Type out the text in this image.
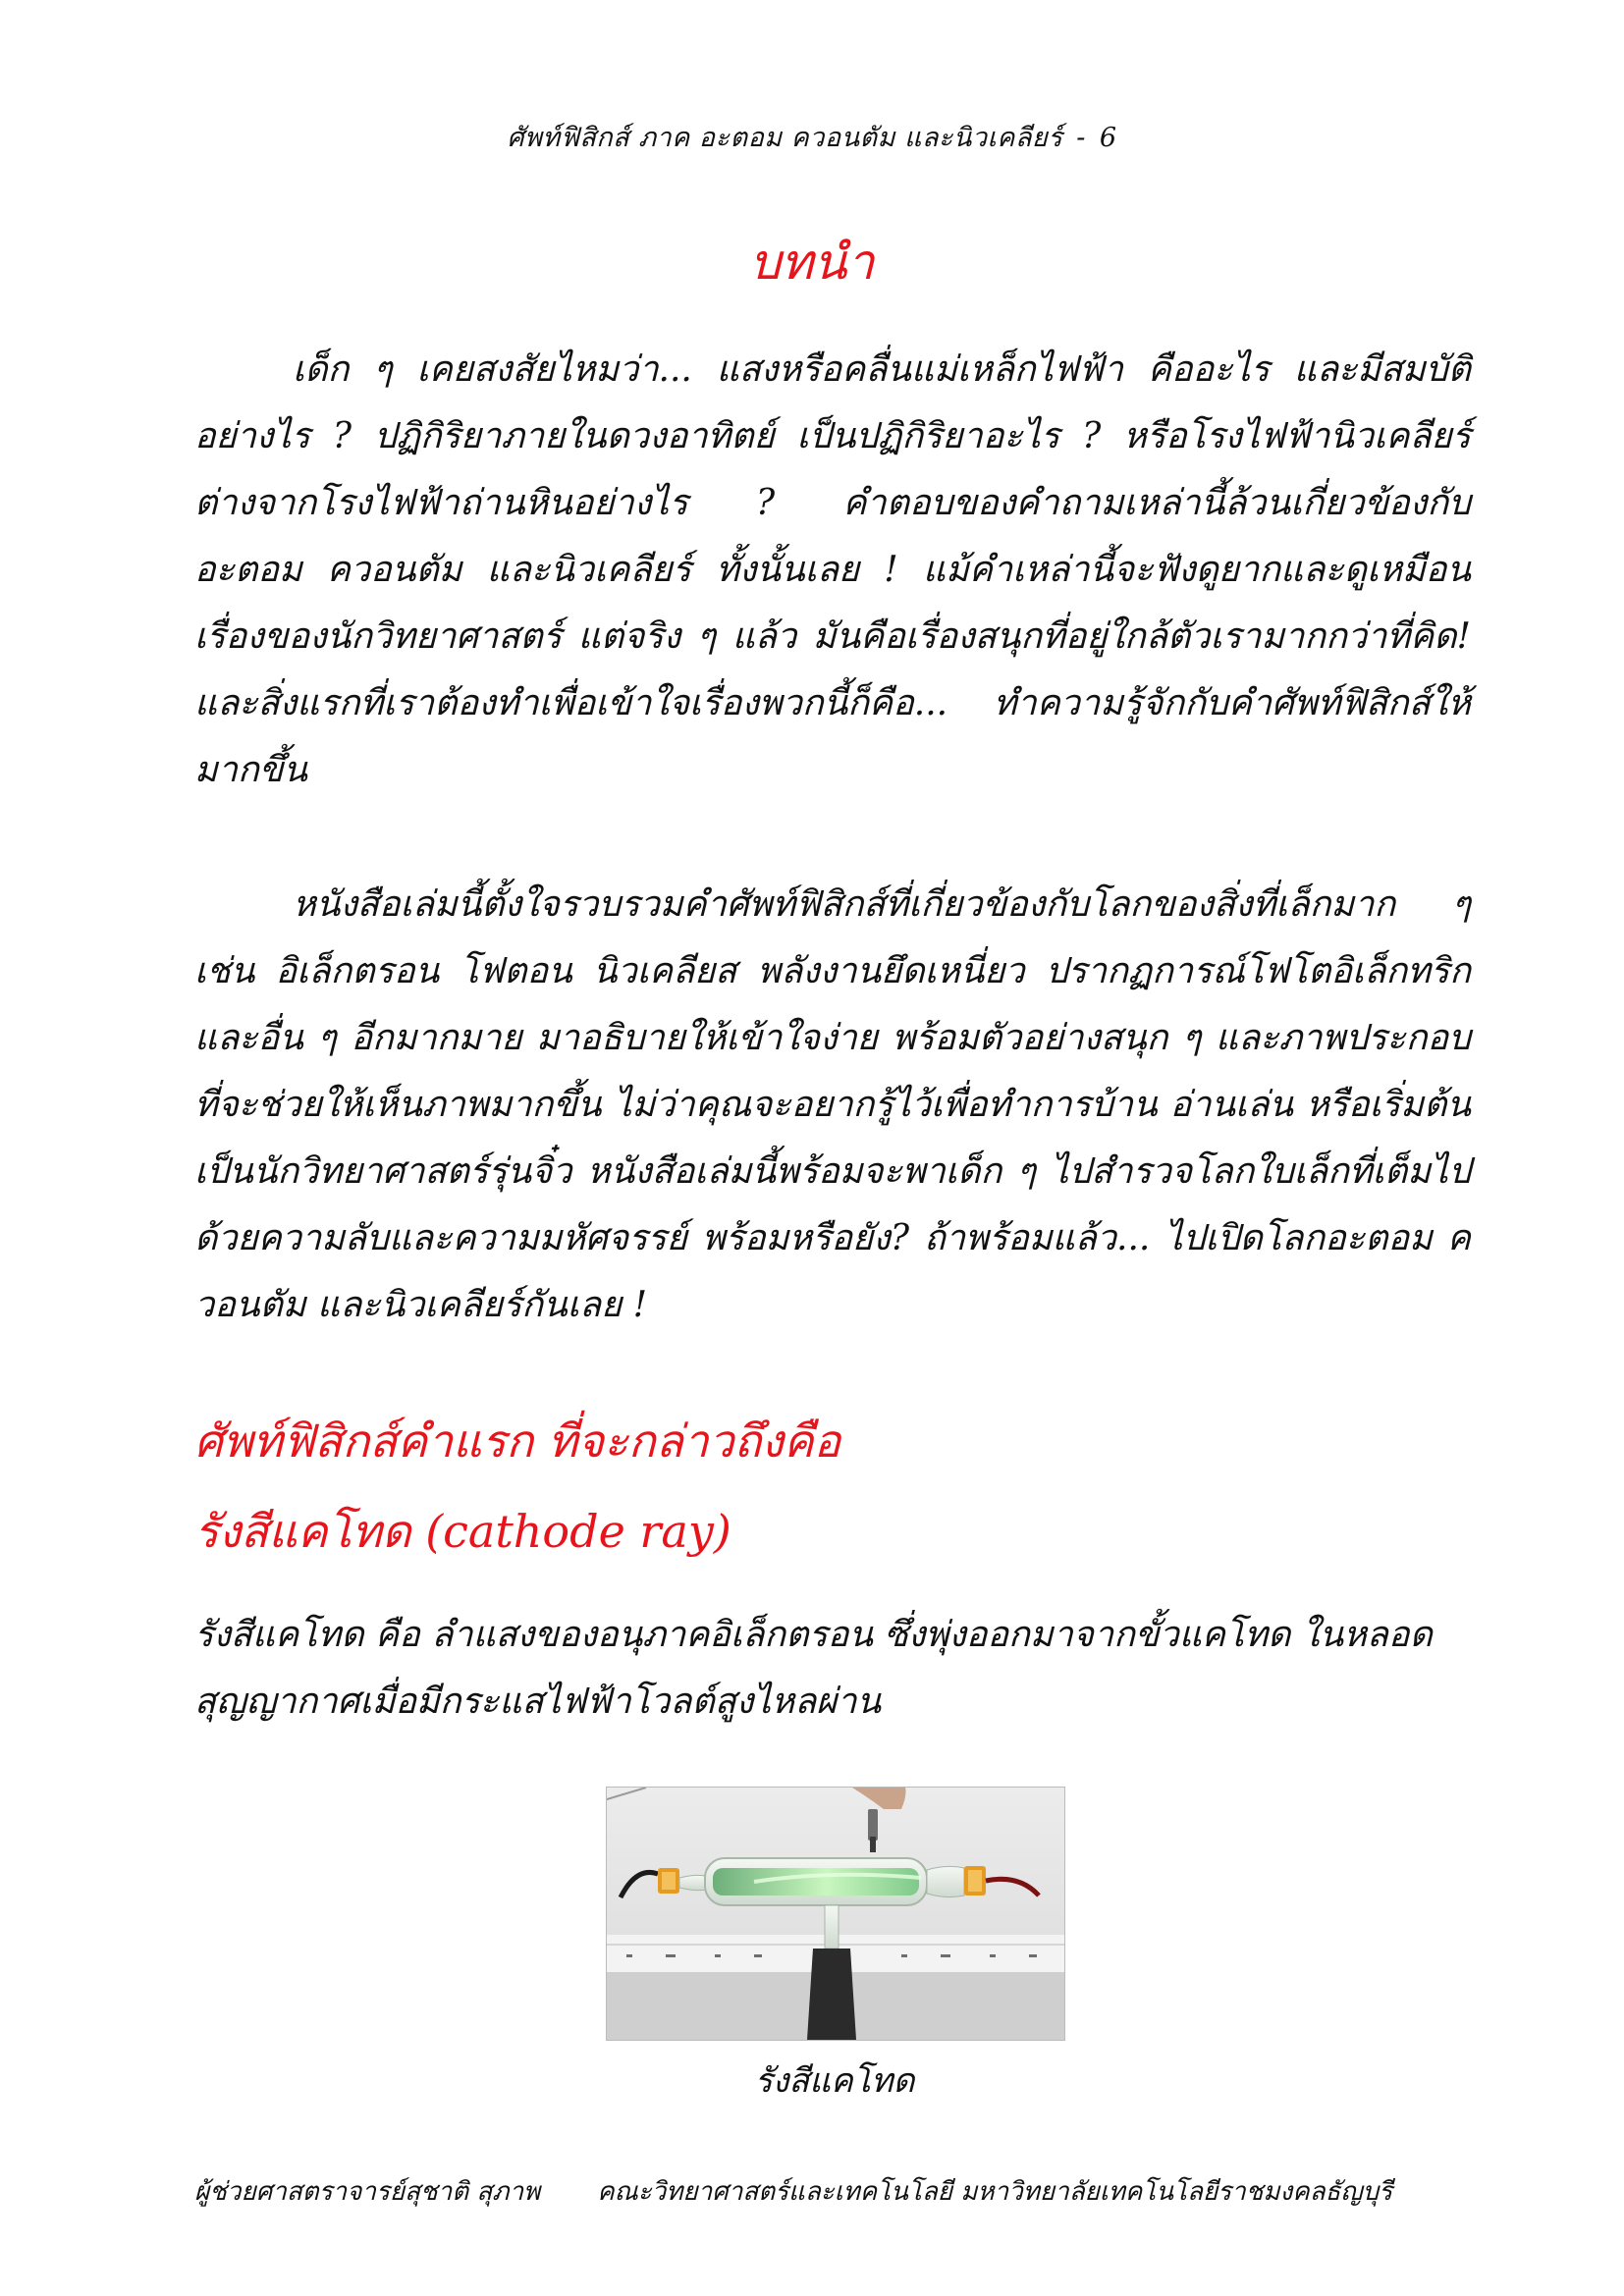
ศัพท์ฟิสิกส์ ภาค อะตอม ควอนตัม และนิวเคลียร์ - 6
บทนำ

เด็ก ๆ เคยสงสัยไหมว่า... แสงหรือคลื่นแม่เหล็กไฟฟ้า คืออะไร และมีสมบัติอย่างไร ? ปฏิกิริยาภายในดวงอาทิตย์ เป็นปฏิกิริยาอะไร ? หรือโรงไฟฟ้านิวเคลียร์ต่างจากโรงไฟฟ้าถ่านหินอย่างไร ? คำตอบของคำถามเหล่านี้ล้วนเกี่ยวข้องกับ อะตอม ควอนตัม และนิวเคลียร์ ทั้งนั้นเลย ! แม้คำเหล่านี้จะฟังดูยากและดูเหมือนเรื่องของนักวิทยาศาสตร์ แต่จริง ๆ แล้ว มันคือเรื่องสนุกที่อยู่ใกล้ตัวเรามากกว่าที่คิด! และสิ่งแรกที่เราต้องทำเพื่อเข้าใจเรื่องพวกนี้ก็คือ... ทำความรู้จักกับคำศัพท์ฟิสิกส์ให้มากขึ้น

หนังสือเล่มนี้ตั้งใจรวบรวมคำศัพท์ฟิสิกส์ที่เกี่ยวข้องกับโลกของสิ่งที่เล็กมาก ๆ เช่น อิเล็กตรอน โฟตอน นิวเคลียส พลังงานยึดเหนี่ยว ปรากฏการณ์โฟโตอิเล็กทริก และอื่น ๆ อีกมากมาย มาอธิบายให้เข้าใจง่าย พร้อมตัวอย่างสนุก ๆ และภาพประกอบที่จะช่วยให้เห็นภาพมากขึ้น ไม่ว่าคุณจะอยากรู้ไว้เพื่อทำการบ้าน อ่านเล่น หรือเริ่มต้นเป็นนักวิทยาศาสตร์รุ่นจิ๋ว หนังสือเล่มนี้พร้อมจะพาเด็ก ๆ ไปสำรวจโลกใบเล็กที่เต็มไปด้วยความลับและความมหัศจรรย์ พร้อมหรือยัง? ถ้าพร้อมแล้ว... ไปเปิดโลกอะตอม ควอนตัม และนิวเคลียร์กันเลย !

ศัพท์ฟิสิกส์คำแรก ที่จะกล่าวถึงคือ

รังสีแคโทด (cathode ray)

รังสีแคโทด คือ ลำแสงของอนุภาคอิเล็กตรอน ซึ่งพุ่งออกมาจากขั้วแคโทด ในหลอดสุญญากาศเมื่อมีกระแสไฟฟ้าโวลต์สูงไหลผ่าน

รังสีแคโทด
ผู้ช่วยศาสตราจารย์สุชาติ สุภาพ คณะวิทยาศาสตร์และเทคโนโลยี มหาวิทยาลัยเทคโนโลยีราชมงคลธัญบุรี
